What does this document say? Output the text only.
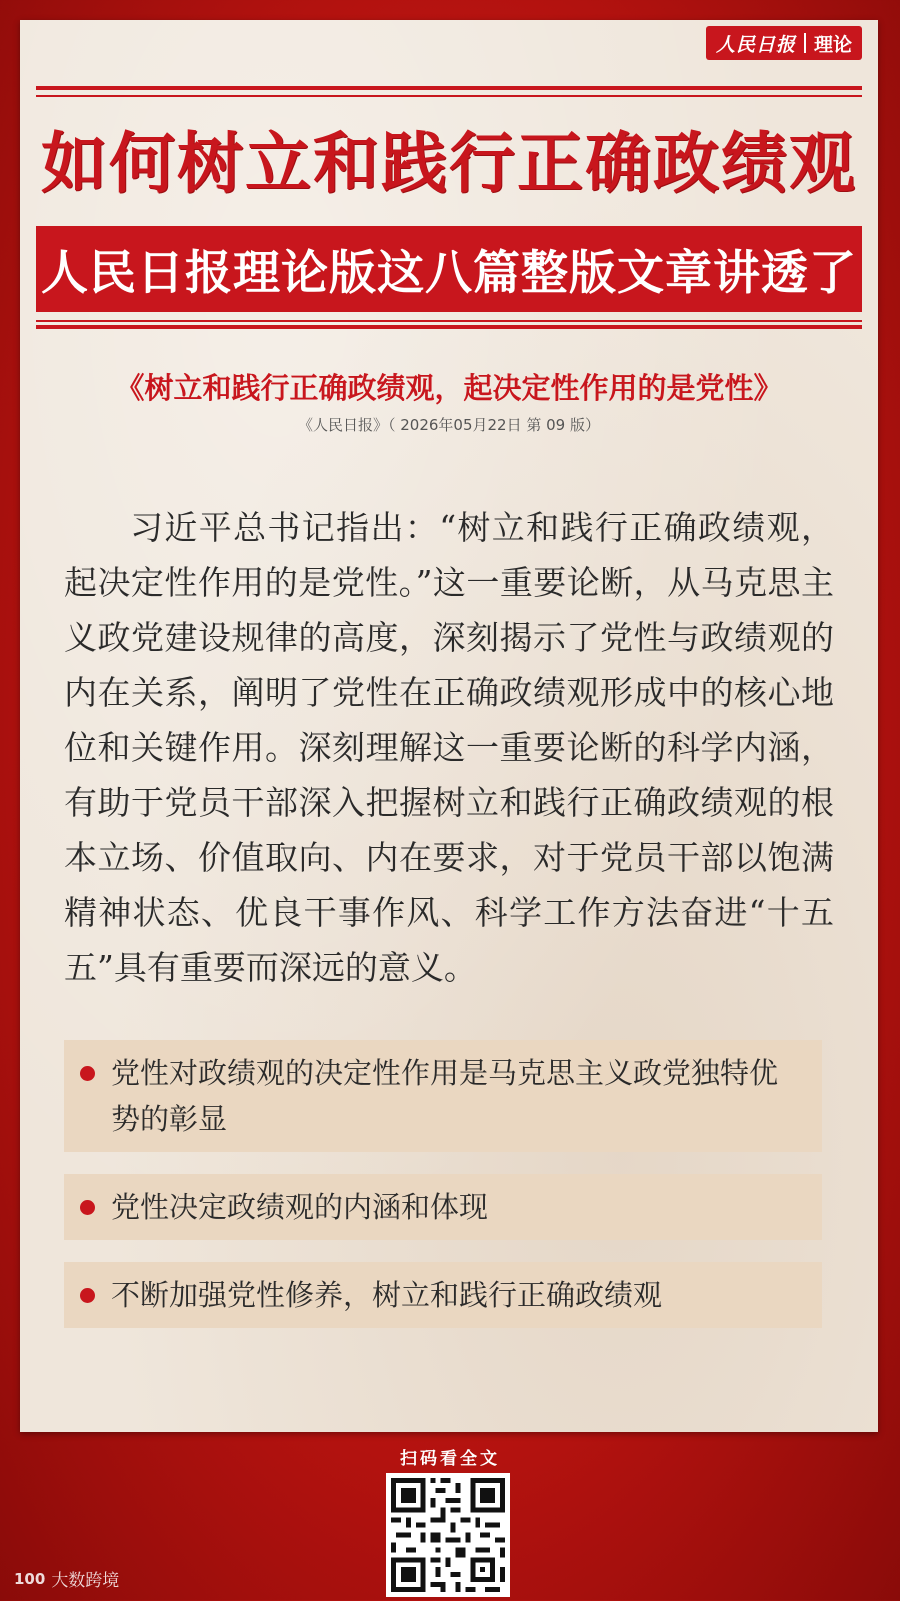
人民日报 理论
如何树立和践行正确政绩观
人民日报理论版这八篇整版文章讲透了
《树立和践行正确政绩观，起决定性作用的是党性》
《人民日报》（ 2026年05月22日 第 09 版）

习近平总书记指出：“树立和践行正确政绩观，起决定性作用的是党性。”这一重要论断，从马克思主义政党建设规律的高度，深刻揭示了党性与政绩观的内在关系，阐明了党性在正确政绩观形成中的核心地位和关键作用。深刻理解这一重要论断的科学内涵，有助于党员干部深入把握树立和践行正确政绩观的根本立场、价值取向、内在要求，对于党员干部以饱满精神状态、优良干事作风、科学工作方法奋进“十五五”具有重要而深远的意义。

党性对政绩观的决定性作用是马克思主义政党独特优势的彰显
党性决定政绩观的内涵和体现
不断加强党性修养，树立和践行正确政绩观
扫码看全文
100 大数跨境
